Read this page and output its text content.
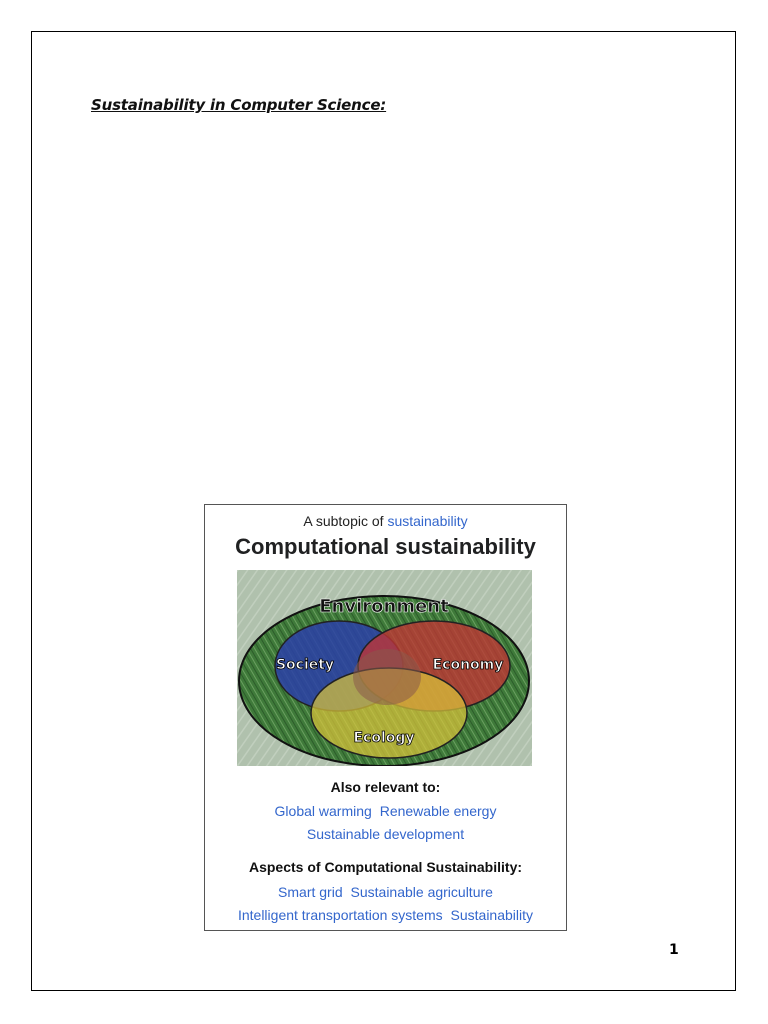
Sustainability in Computer Science:
A subtopic of sustainability
Computational sustainability
Environment
Society	Economy
Ecology
Also relevant to:
Global warming Renewable energy
Sustainable development
Aspects of Computational Sustainability:
Smart grid Sustainable agriculture
Intelligent transportation systems Sustainability
1
